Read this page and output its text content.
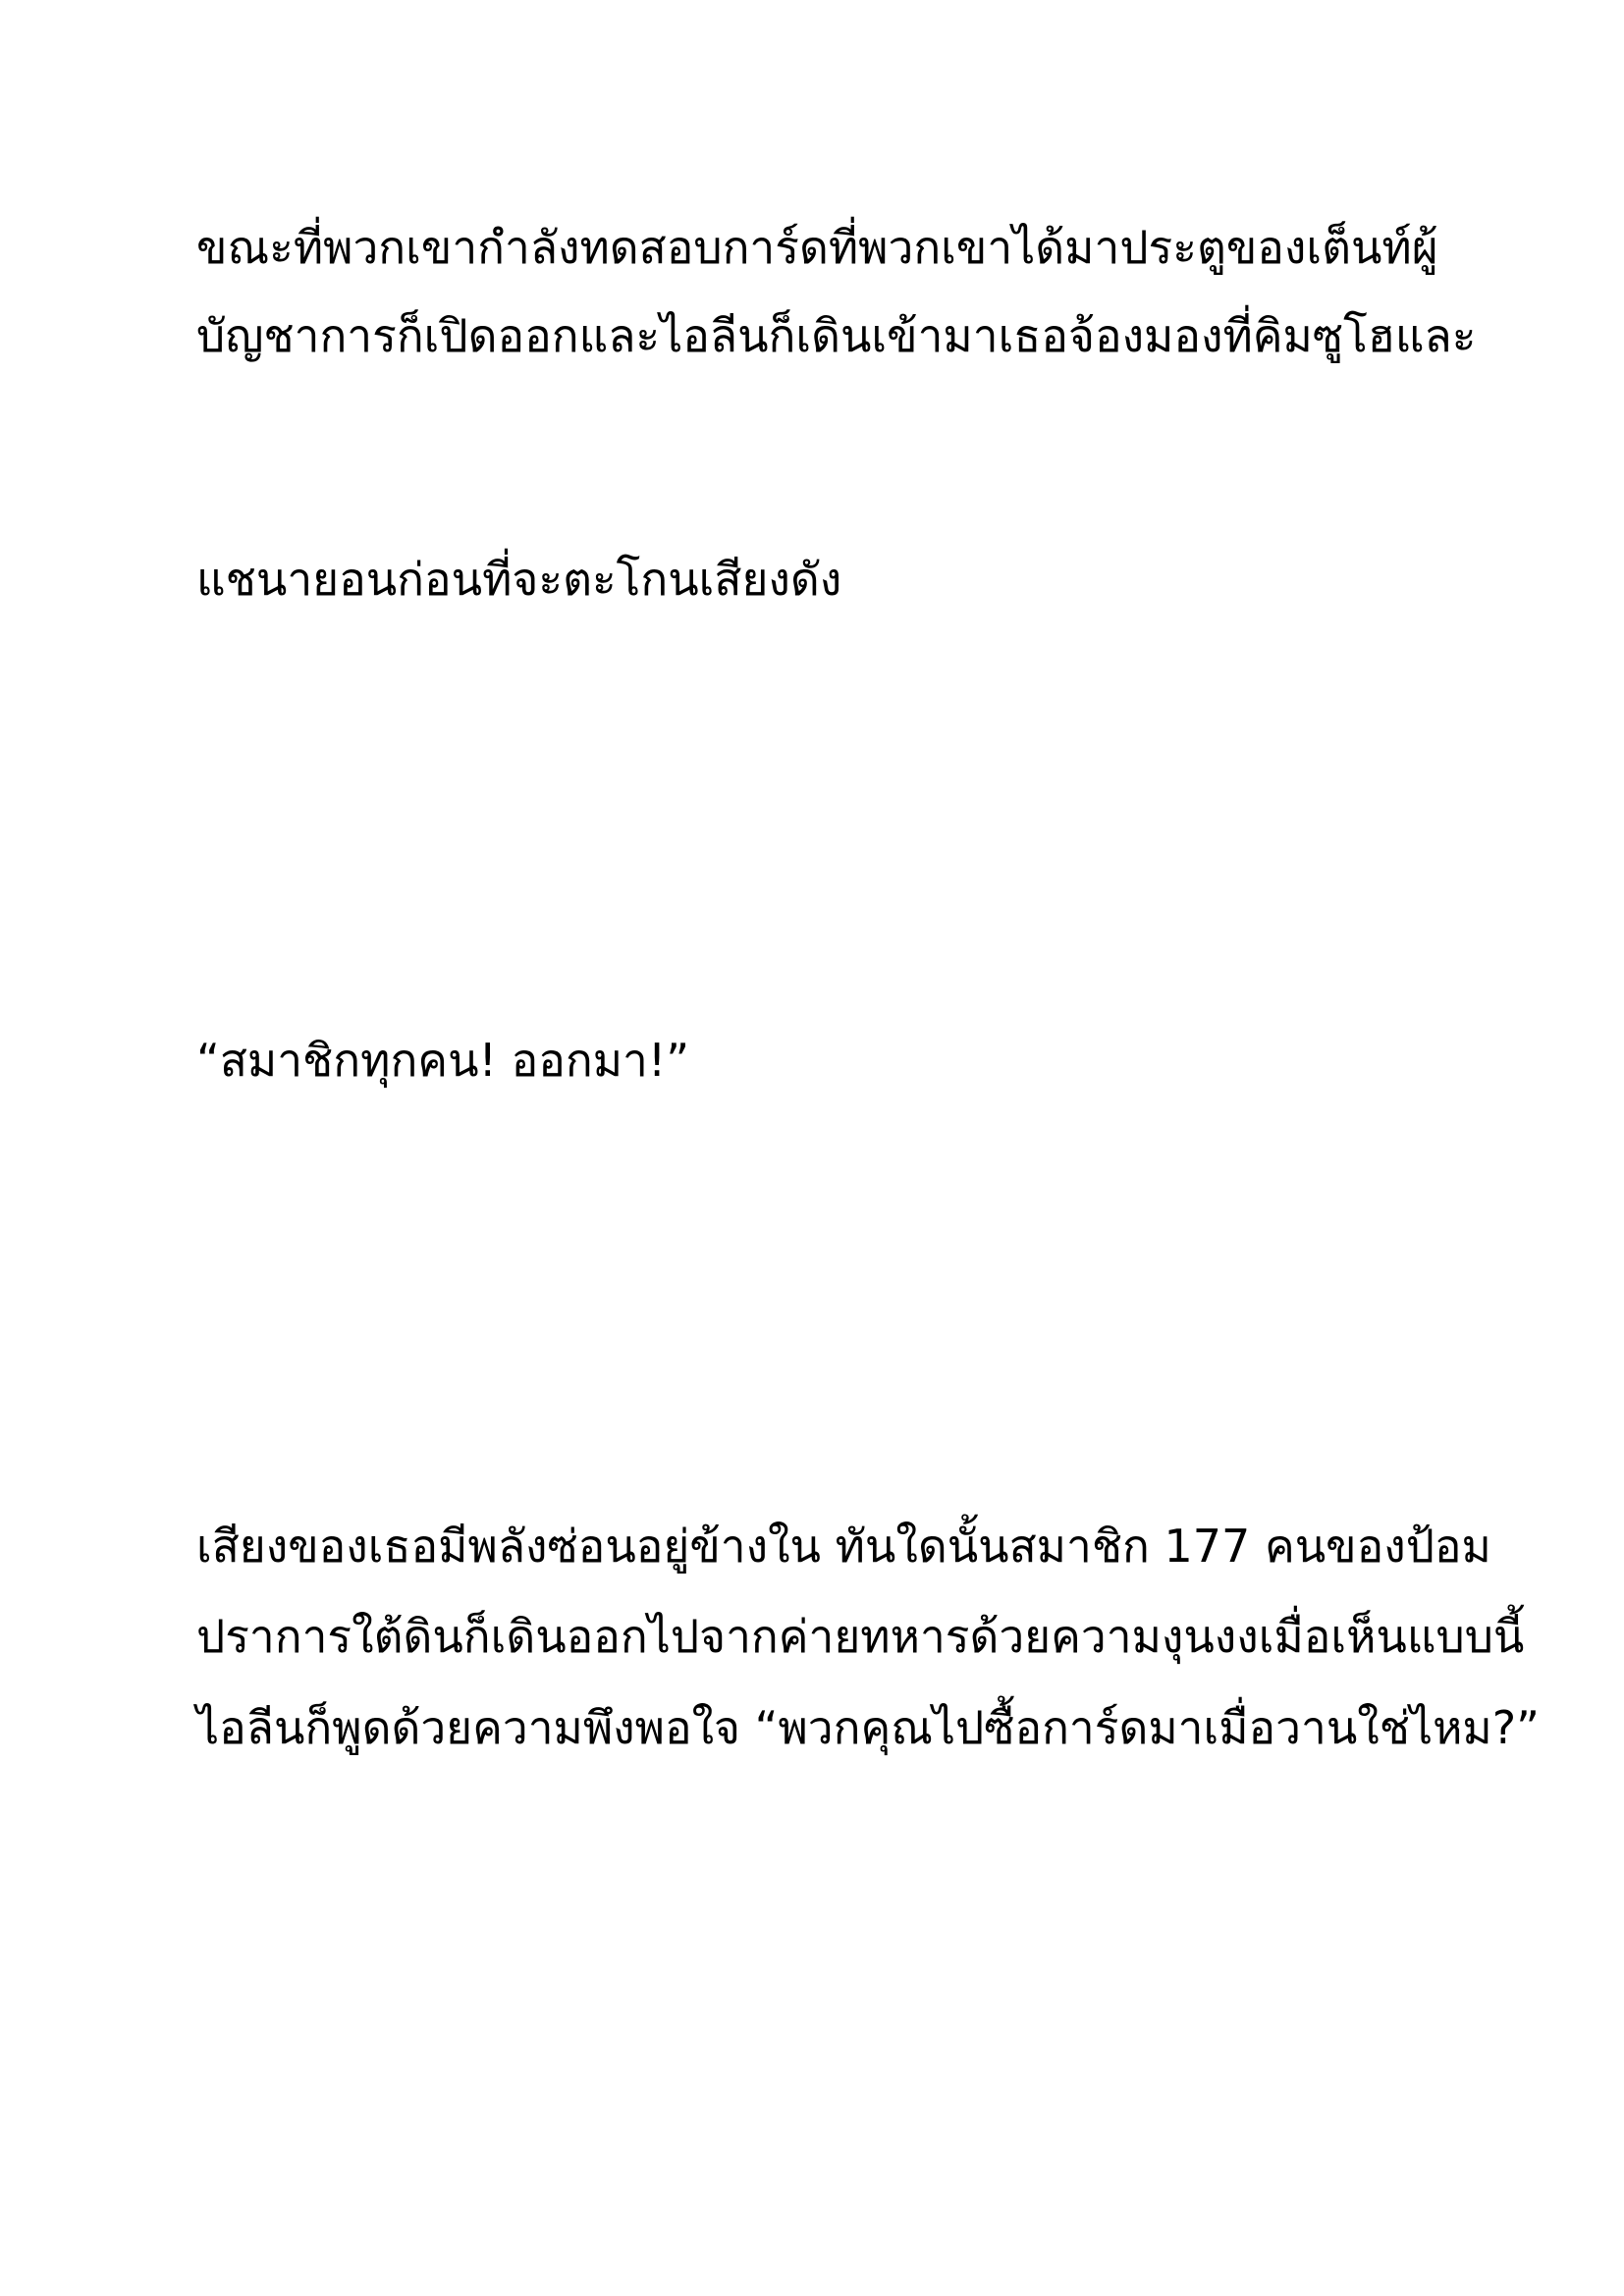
ขณะที่พวกเขากำลังทดสอบการ์ดที่พวกเขาได้มาประตูของเต็นท์ผู้
บัญชาการก็เปิดออกและไอลีนก็เดินเข้ามาเธอจ้องมองที่คิมซูโฮและ
แชนายอนก่อนที่จะตะโกนเสียงดัง
“สมาชิกทุกคน! ออกมา!”
เสียงของเธอมีพลังซ่อนอยู่ข้างใน ทันใดนั้นสมาชิก 177 คนของป้อม
ปราการใต้ดินก็เดินออกไปจากค่ายทหารด้วยความงุนงงเมื่อเห็นแบบนี้
ไอลีนก็พูดด้วยความพึงพอใจ “พวกคุณไปซื้อการ์ดมาเมื่อวานใช่ไหม?”
